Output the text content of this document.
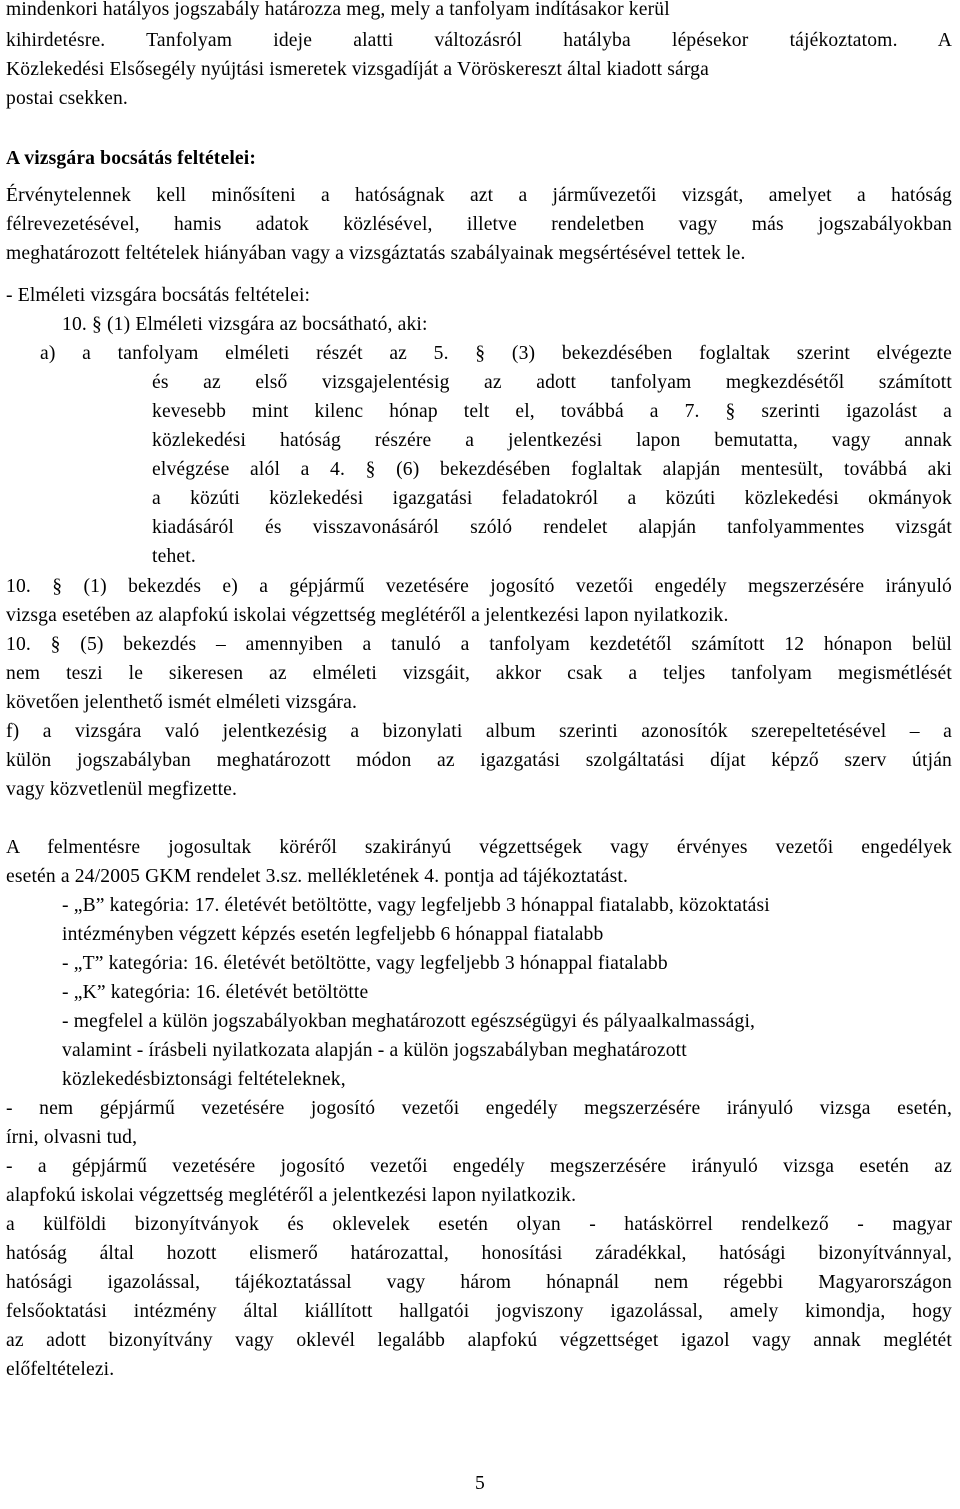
mindenkori hatályos jogszabály határozza meg, mely a tanfolyam indításakor kerül
kihirdetésre. Tanfolyam ideje alatti változásról hatályba lépésekor tájékoztatom. A
Közlekedési Elsősegély nyújtási ismeretek vizsgadíját a Vöröskereszt által kiadott sárga
postai csekken.
A vizsgára bocsátás feltételei:
Érvénytelennek kell minősíteni a hatóságnak azt a járművezetői vizsgát, amelyet a hatóság
félrevezetésével, hamis adatok közlésével, illetve rendeletben vagy más jogszabályokban
meghatározott feltételek hiányában vagy a vizsgáztatás szabályainak megsértésével tettek le.
- Elméleti vizsgára bocsátás feltételei:
10. § (1) Elméleti vizsgára az bocsátható, aki:
a) a tanfolyam elméleti részét az 5. § (3) bekezdésében foglaltak szerint elvégezte
és az első vizsgajelentésig az adott tanfolyam megkezdésétől számított
kevesebb mint kilenc hónap telt el, továbbá a 7. § szerinti igazolást a
közlekedési hatóság részére a jelentkezési lapon bemutatta, vagy annak
elvégzése alól a 4. § (6) bekezdésében foglaltak alapján mentesült, továbbá aki
a közúti közlekedési igazgatási feladatokról a közúti közlekedési okmányok
kiadásáról és visszavonásáról szóló rendelet alapján tanfolyammentes vizsgát
tehet.
10. § (1) bekezdés e) a gépjármű vezetésére jogosító vezetői engedély megszerzésére irányuló
vizsga esetében az alapfokú iskolai végzettség meglétéről a jelentkezési lapon nyilatkozik.
10. § (5) bekezdés – amennyiben a tanuló a tanfolyam kezdetétől számított 12 hónapon belül
nem teszi le sikeresen az elméleti vizsgáit, akkor csak a teljes tanfolyam megismétlését
követően jelenthető ismét elméleti vizsgára.
f) a vizsgára való jelentkezésig a bizonylati album szerinti azonosítók szerepeltetésével – a
külön jogszabályban meghatározott módon az igazgatási szolgáltatási díjat képző szerv útján
vagy közvetlenül megfizette.
A felmentésre jogosultak köréről szakirányú végzettségek vagy érvényes vezetői engedélyek
esetén a 24/2005 GKM rendelet 3.sz. mellékletének 4. pontja ad tájékoztatást.
- „B” kategória: 17. életévét betöltötte, vagy legfeljebb 3 hónappal fiatalabb, közoktatási
intézményben végzett képzés esetén legfeljebb 6 hónappal fiatalabb
- „T” kategória: 16. életévét betöltötte, vagy legfeljebb 3 hónappal fiatalabb
- „K” kategória: 16. életévét betöltötte
- megfelel a külön jogszabályokban meghatározott egészségügyi és pályaalkalmassági,
valamint - írásbeli nyilatkozata alapján - a külön jogszabályban meghatározott
közlekedésbiztonsági feltételeknek,
- nem gépjármű vezetésére jogosító vezetői engedély megszerzésére irányuló vizsga esetén,
írni, olvasni tud,
- a gépjármű vezetésére jogosító vezetői engedély megszerzésére irányuló vizsga esetén az
alapfokú iskolai végzettség meglétéről a jelentkezési lapon nyilatkozik.
a külföldi bizonyítványok és oklevelek esetén olyan - hatáskörrel rendelkező - magyar
hatóság által hozott elismerő határozattal, honosítási záradékkal, hatósági bizonyítvánnyal,
hatósági igazolással, tájékoztatással vagy három hónapnál nem régebbi Magyarországon
felsőoktatási intézmény által kiállított hallgatói jogviszony igazolással, amely kimondja, hogy
az adott bizonyítvány vagy oklevél legalább alapfokú végzettséget igazol vagy annak meglétét
előfeltételezi.
5
